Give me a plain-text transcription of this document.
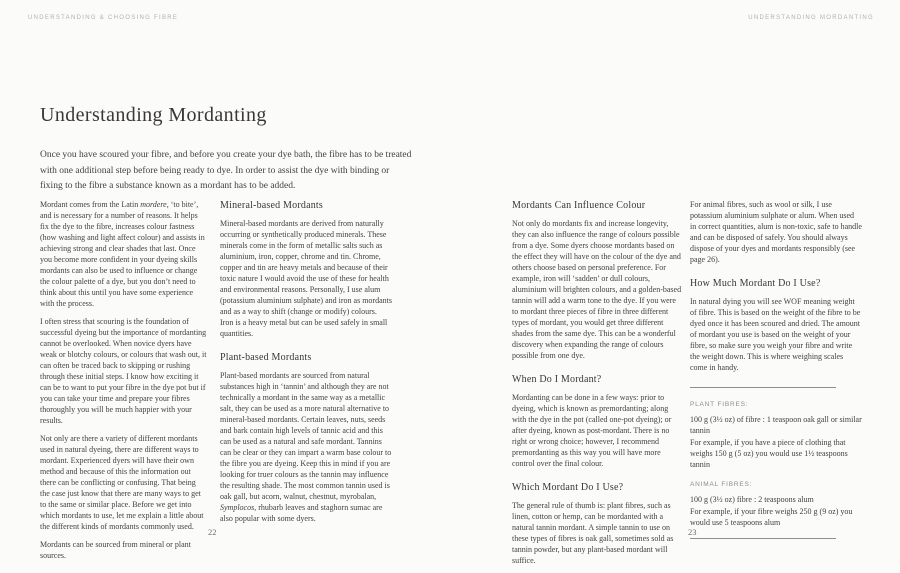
UNDERSTANDING & CHOOSING FIBRE	UNDERSTANDING MORDANTING
Understanding Mordanting

Once you have scoured your fibre, and before you create your dye bath, the fibre has to be treated with one additional step before being ready to dye. In order to assist the dye with binding or fixing to the fibre a substance known as a mordant has to be added.

Mordant comes from the Latin mordere, ‘to bite’, and is necessary for a number of reasons. It helps fix the dye to the fibre, increases colour fastness (how washing and light affect colour) and assists in achieving strong and clear shades that last. Once you become more confident in your dyeing skills mordants can also be used to influence or change the colour palette of a dye, but you don’t need to think about this until you have some experience with the process.

I often stress that scouring is the foundation of successful dyeing but the importance of mordanting cannot be overlooked. When novice dyers have weak or blotchy colours, or colours that wash out, it can often be traced back to skipping or rushing through these initial steps. I know how exciting it can be to want to put your fibre in the dye pot but if you can take your time and prepare your fibres thoroughly you will be much happier with your results.

Not only are there a variety of different mordants used in natural dyeing, there are different ways to mordant. Experienced dyers will have their own method and because of this the information out there can be conflicting or confusing. That being the case just know that there are many ways to get to the same or similar place. Before we get into which mordants to use, let me explain a little about the different kinds of mordants commonly used.

Mordants can be sourced from mineral or plant sources.

Mineral-based Mordants

Mineral-based mordants are derived from naturally occurring or synthetically produced minerals. These minerals come in the form of metallic salts such as aluminium, iron, copper, chrome and tin. Chrome, copper and tin are heavy metals and because of their toxic nature I would avoid the use of these for health and environmental reasons. Personally, I use alum (potassium aluminium sulphate) and iron as mordants and as a way to shift (change or modify) colours. Iron is a heavy metal but can be used safely in small quantities.

Plant-based Mordants

Plant-based mordants are sourced from natural substances high in ‘tannin’ and although they are not technically a mordant in the same way as a metallic salt, they can be used as a more natural alternative to mineral-based mordants. Certain leaves, nuts, seeds and bark contain high levels of tannic acid and this can be used as a natural and safe mordant. Tannins can be clear or they can impart a warm base colour to the fibre you are dyeing. Keep this in mind if you are looking for truer colours as the tannin may influence the resulting shade. The most common tannin used is oak gall, but acorn, walnut, chestnut, myrobalan, Symplocos, rhubarb leaves and staghorn sumac are also popular with some dyers.

Mordants Can Influence Colour

Not only do mordants fix and increase longevity, they can also influence the range of colours possible from a dye. Some dyers choose mordants based on the effect they will have on the colour of the dye and others choose based on personal preference. For example, iron will ‘sadden’ or dull colours, aluminium will brighten colours, and a golden-based tannin will add a warm tone to the dye. If you were to mordant three pieces of fibre in three different types of mordant, you would get three different shades from the same dye. This can be a wonderful discovery when expanding the range of colours possible from one dye.

When Do I Mordant?

Mordanting can be done in a few ways: prior to dyeing, which is known as premordanting; along with the dye in the pot (called one-pot dyeing); or after dyeing, known as post-mordant. There is no right or wrong choice; however, I recommend premordanting as this way you will have more control over the final colour.

Which Mordant Do I Use?

The general rule of thumb is: plant fibres, such as linen, cotton or hemp, can be mordanted with a natural tannin mordant. A simple tannin to use on these types of fibres is oak gall, sometimes sold as tannin powder, but any plant-based mordant will suffice.

For animal fibres, such as wool or silk, I use potassium aluminium sulphate or alum. When used in correct quantities, alum is non-toxic, safe to handle and can be disposed of safely. You should always dispose of your dyes and mordants responsibly (see page 26).

How Much Mordant Do I Use?

In natural dying you will see WOF meaning weight of fibre. This is based on the weight of the fibre to be dyed once it has been scoured and dried. The amount of mordant you use is based on the weight of your fibre, so make sure you weigh your fibre and write the weight down. This is where weighing scales come in handy.

PLANT FIBRES:
100 g (3½ oz) of fibre : 1 teaspoon oak gall or similar tannin
For example, if you have a piece of clothing that weighs 150 g (5 oz) you would use 1½ teaspoons tannin
ANIMAL FIBRES:
100 g (3½ oz) fibre : 2 teaspoons alum
For example, if your fibre weighs 250 g (9 oz) you would use 5 teaspoons alum
22	23
